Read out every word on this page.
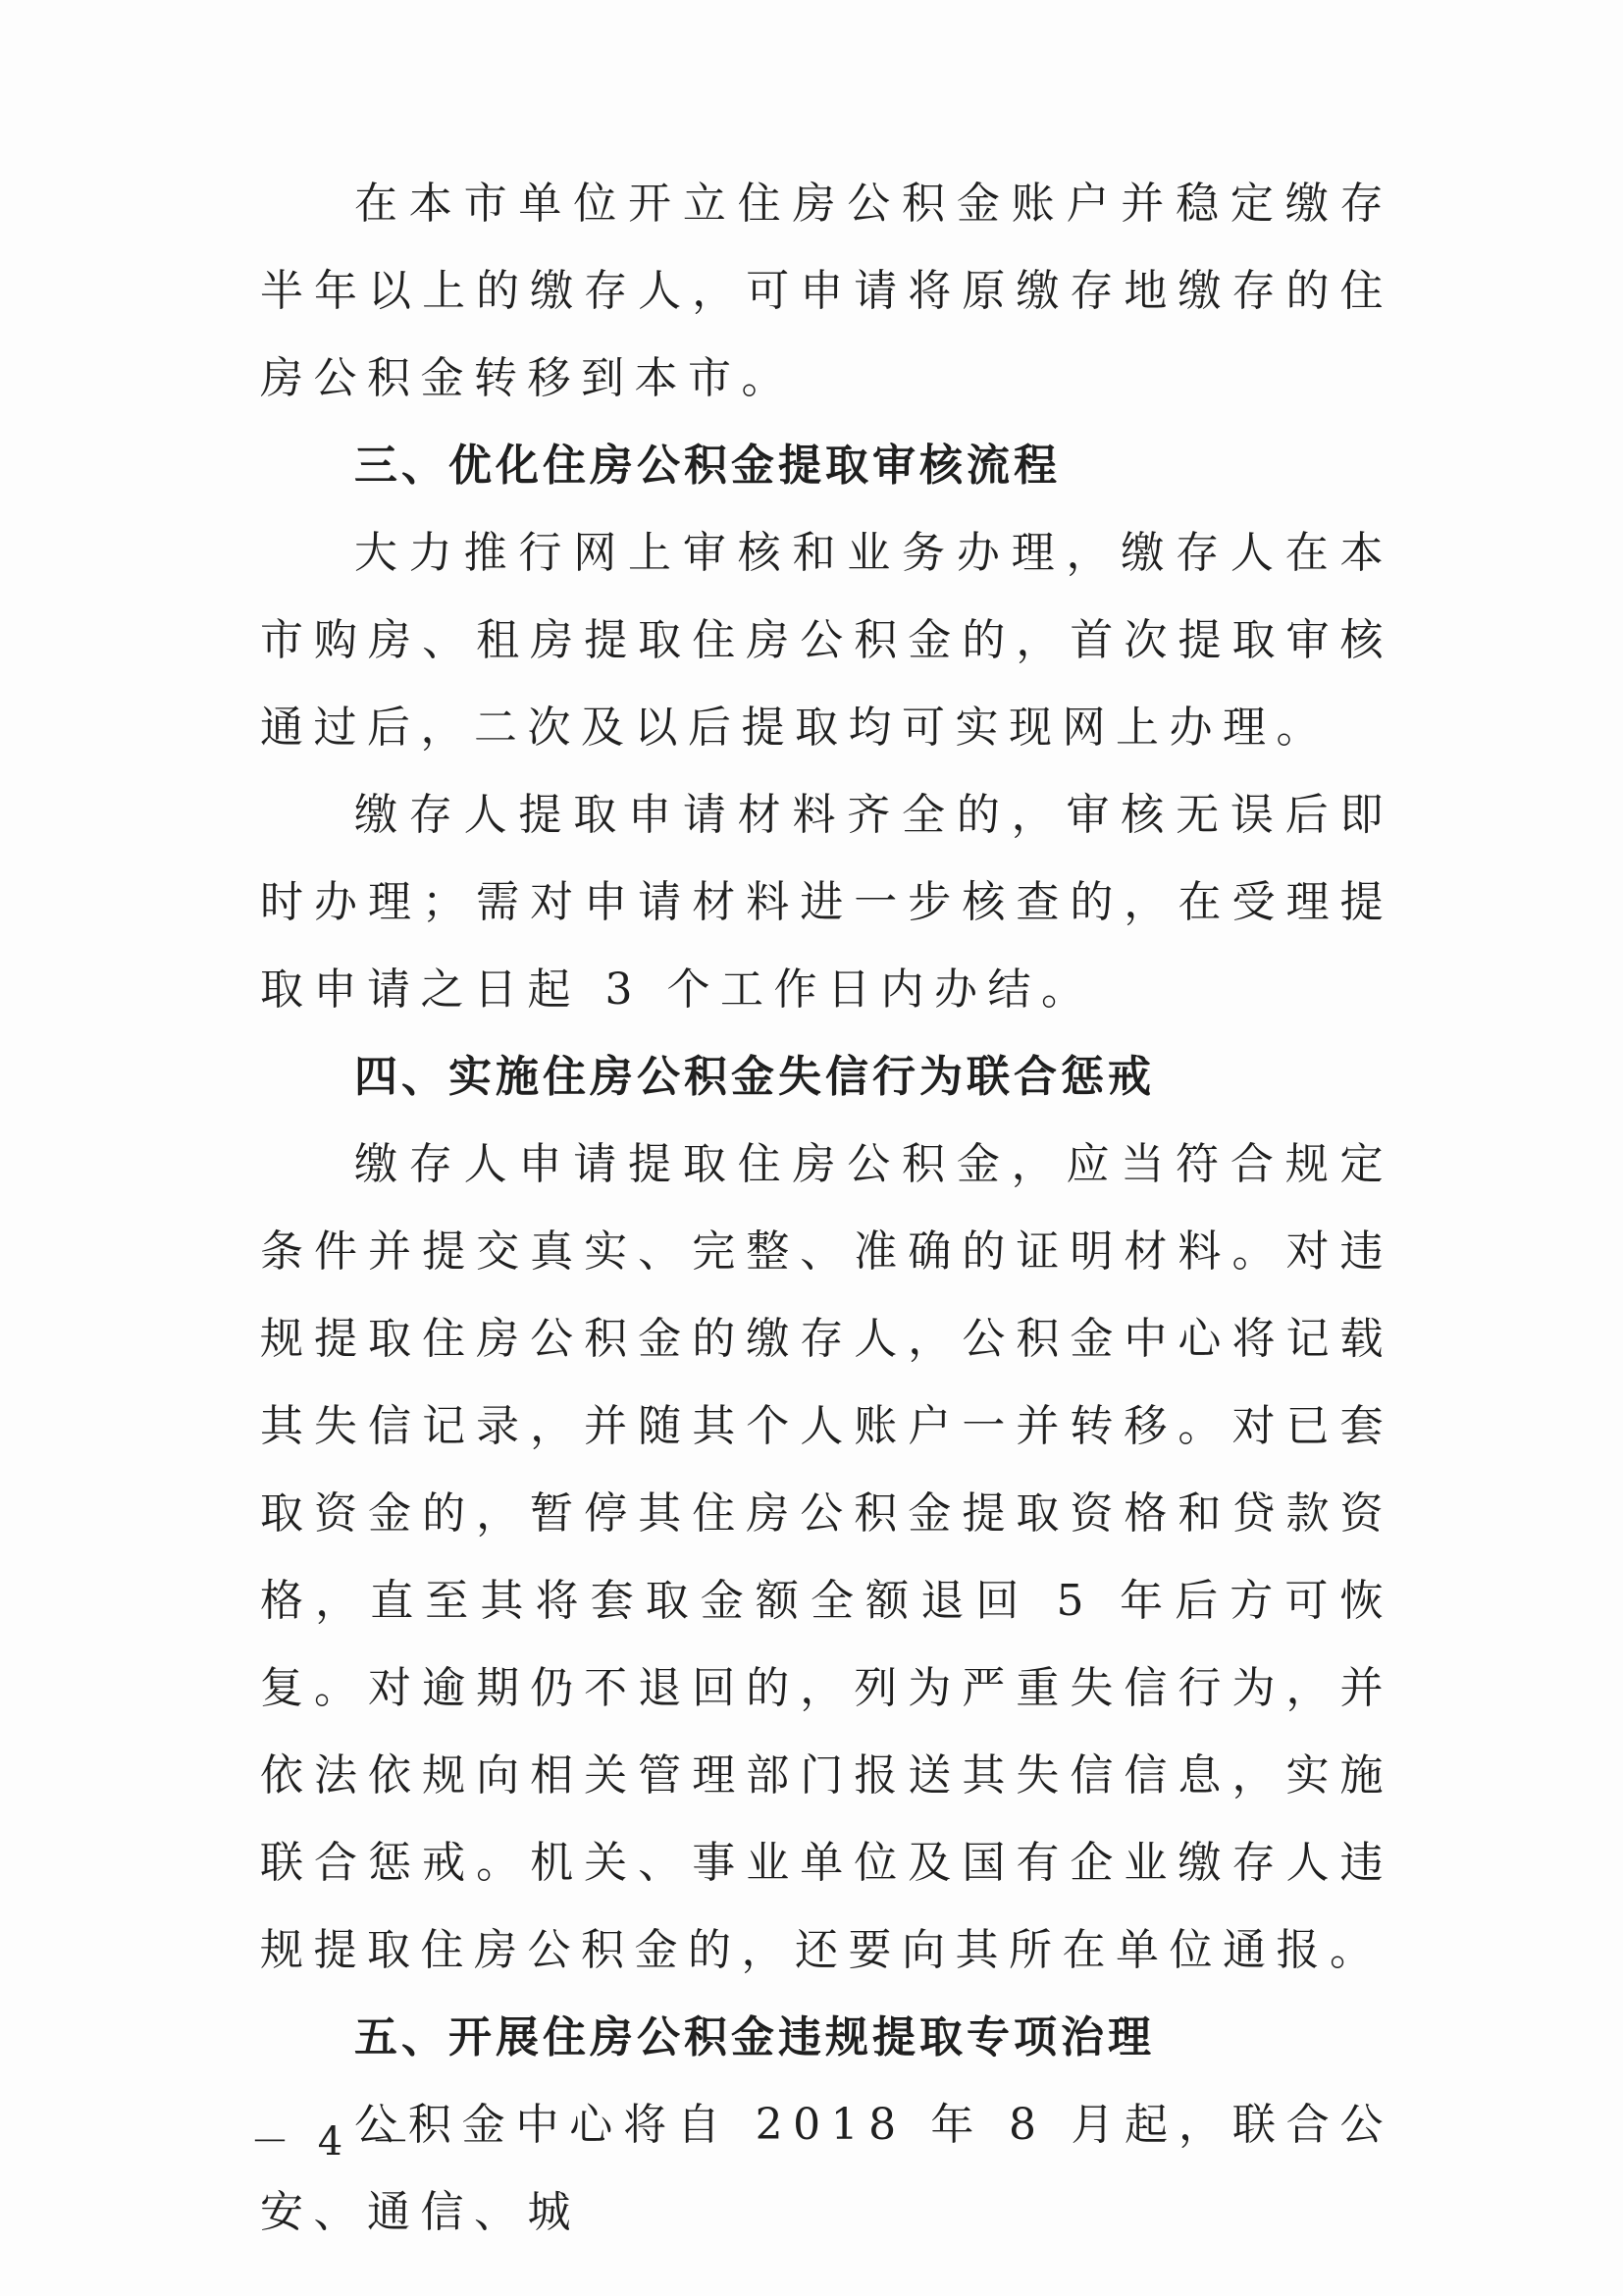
在本市单位开立住房公积金账户并稳定缴存半年以上的缴存人，可申请将原缴存地缴存的住房公积金转移到本市。

三、优化住房公积金提取审核流程

大力推行网上审核和业务办理，缴存人在本市购房、租房提取住房公积金的，首次提取审核通过后，二次及以后提取均可实现网上办理。

缴存人提取申请材料齐全的，审核无误后即时办理；需对申请材料进一步核查的，在受理提取申请之日起 3 个工作日内办结。

四、实施住房公积金失信行为联合惩戒

缴存人申请提取住房公积金，应当符合规定条件并提交真实、完整、准确的证明材料。对违规提取住房公积金的缴存人，公积金中心将记载其失信记录，并随其个人账户一并转移。对已套取资金的，暂停其住房公积金提取资格和贷款资格，直至其将套取金额全额退回 5 年后方可恢复。对逾期仍不退回的，列为严重失信行为，并依法依规向相关管理部门报送其失信信息，实施联合惩戒。机关、事业单位及国有企业缴存人违规提取住房公积金的，还要向其所在单位通报。

五、开展住房公积金违规提取专项治理

公积金中心将自 2018 年 8 月起，联合公安、通信、城

－ 4 －
